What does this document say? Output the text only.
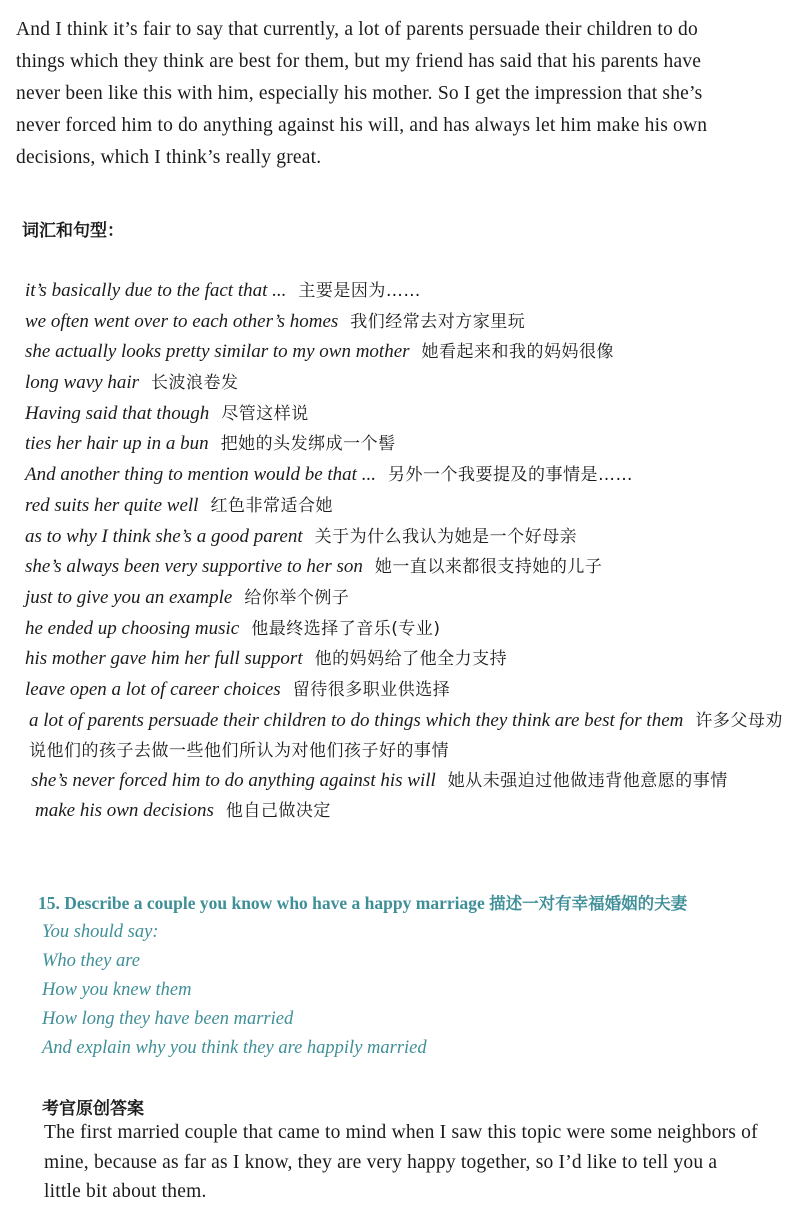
And I think it’s fair to say that currently, a lot of parents persuade their children to do
things which they think are best for them, but my friend has said that his parents have
never been like this with him, especially his mother. So I get the impression that she’s
never forced him to do anything against his will, and has always let him make his own
decisions, which I think’s really great.
词汇和句型：
it’s basically due to the fact that ... 主要是因为……
we often went over to each other’s homes 我们经常去对方家里玩
she actually looks pretty similar to my own mother 她看起来和我的妈妈很像
long wavy hair 长波浪卷发
Having said that though 尽管这样说
ties her hair up in a bun 把她的头发绑成一个髻
And another thing to mention would be that ... 另外一个我要提及的事情是……
red suits her quite well 红色非常适合她
as to why I think she’s a good parent 关于为什么我认为她是一个好母亲
she’s always been very supportive to her son 她一直以来都很支持她的儿子
just to give you an example 给你举个例子
he ended up choosing music 他最终选择了音乐(专业)
his mother gave him her full support 他的妈妈给了他全力支持
leave open a lot of career choices 留待很多职业供选择
a lot of parents persuade their children to do things which they think are best for them 许多父母劝说他们的孩子去做一些他们所认为对他们孩子好的事情
she’s never forced him to do anything against his will 她从未强迫过他做违背他意愿的事情
make his own decisions 他自己做决定
15. Describe a couple you know who have a happy marriage 描述一对有幸福婚姻的夫妻
You should say:
Who they are
How you knew them
How long they have been married
And explain why you think they are happily married
考官原创答案
The first married couple that came to mind when I saw this topic were some neighbors of
mine, because as far as I know, they are very happy together, so I’d like to tell you a
little bit about them.
